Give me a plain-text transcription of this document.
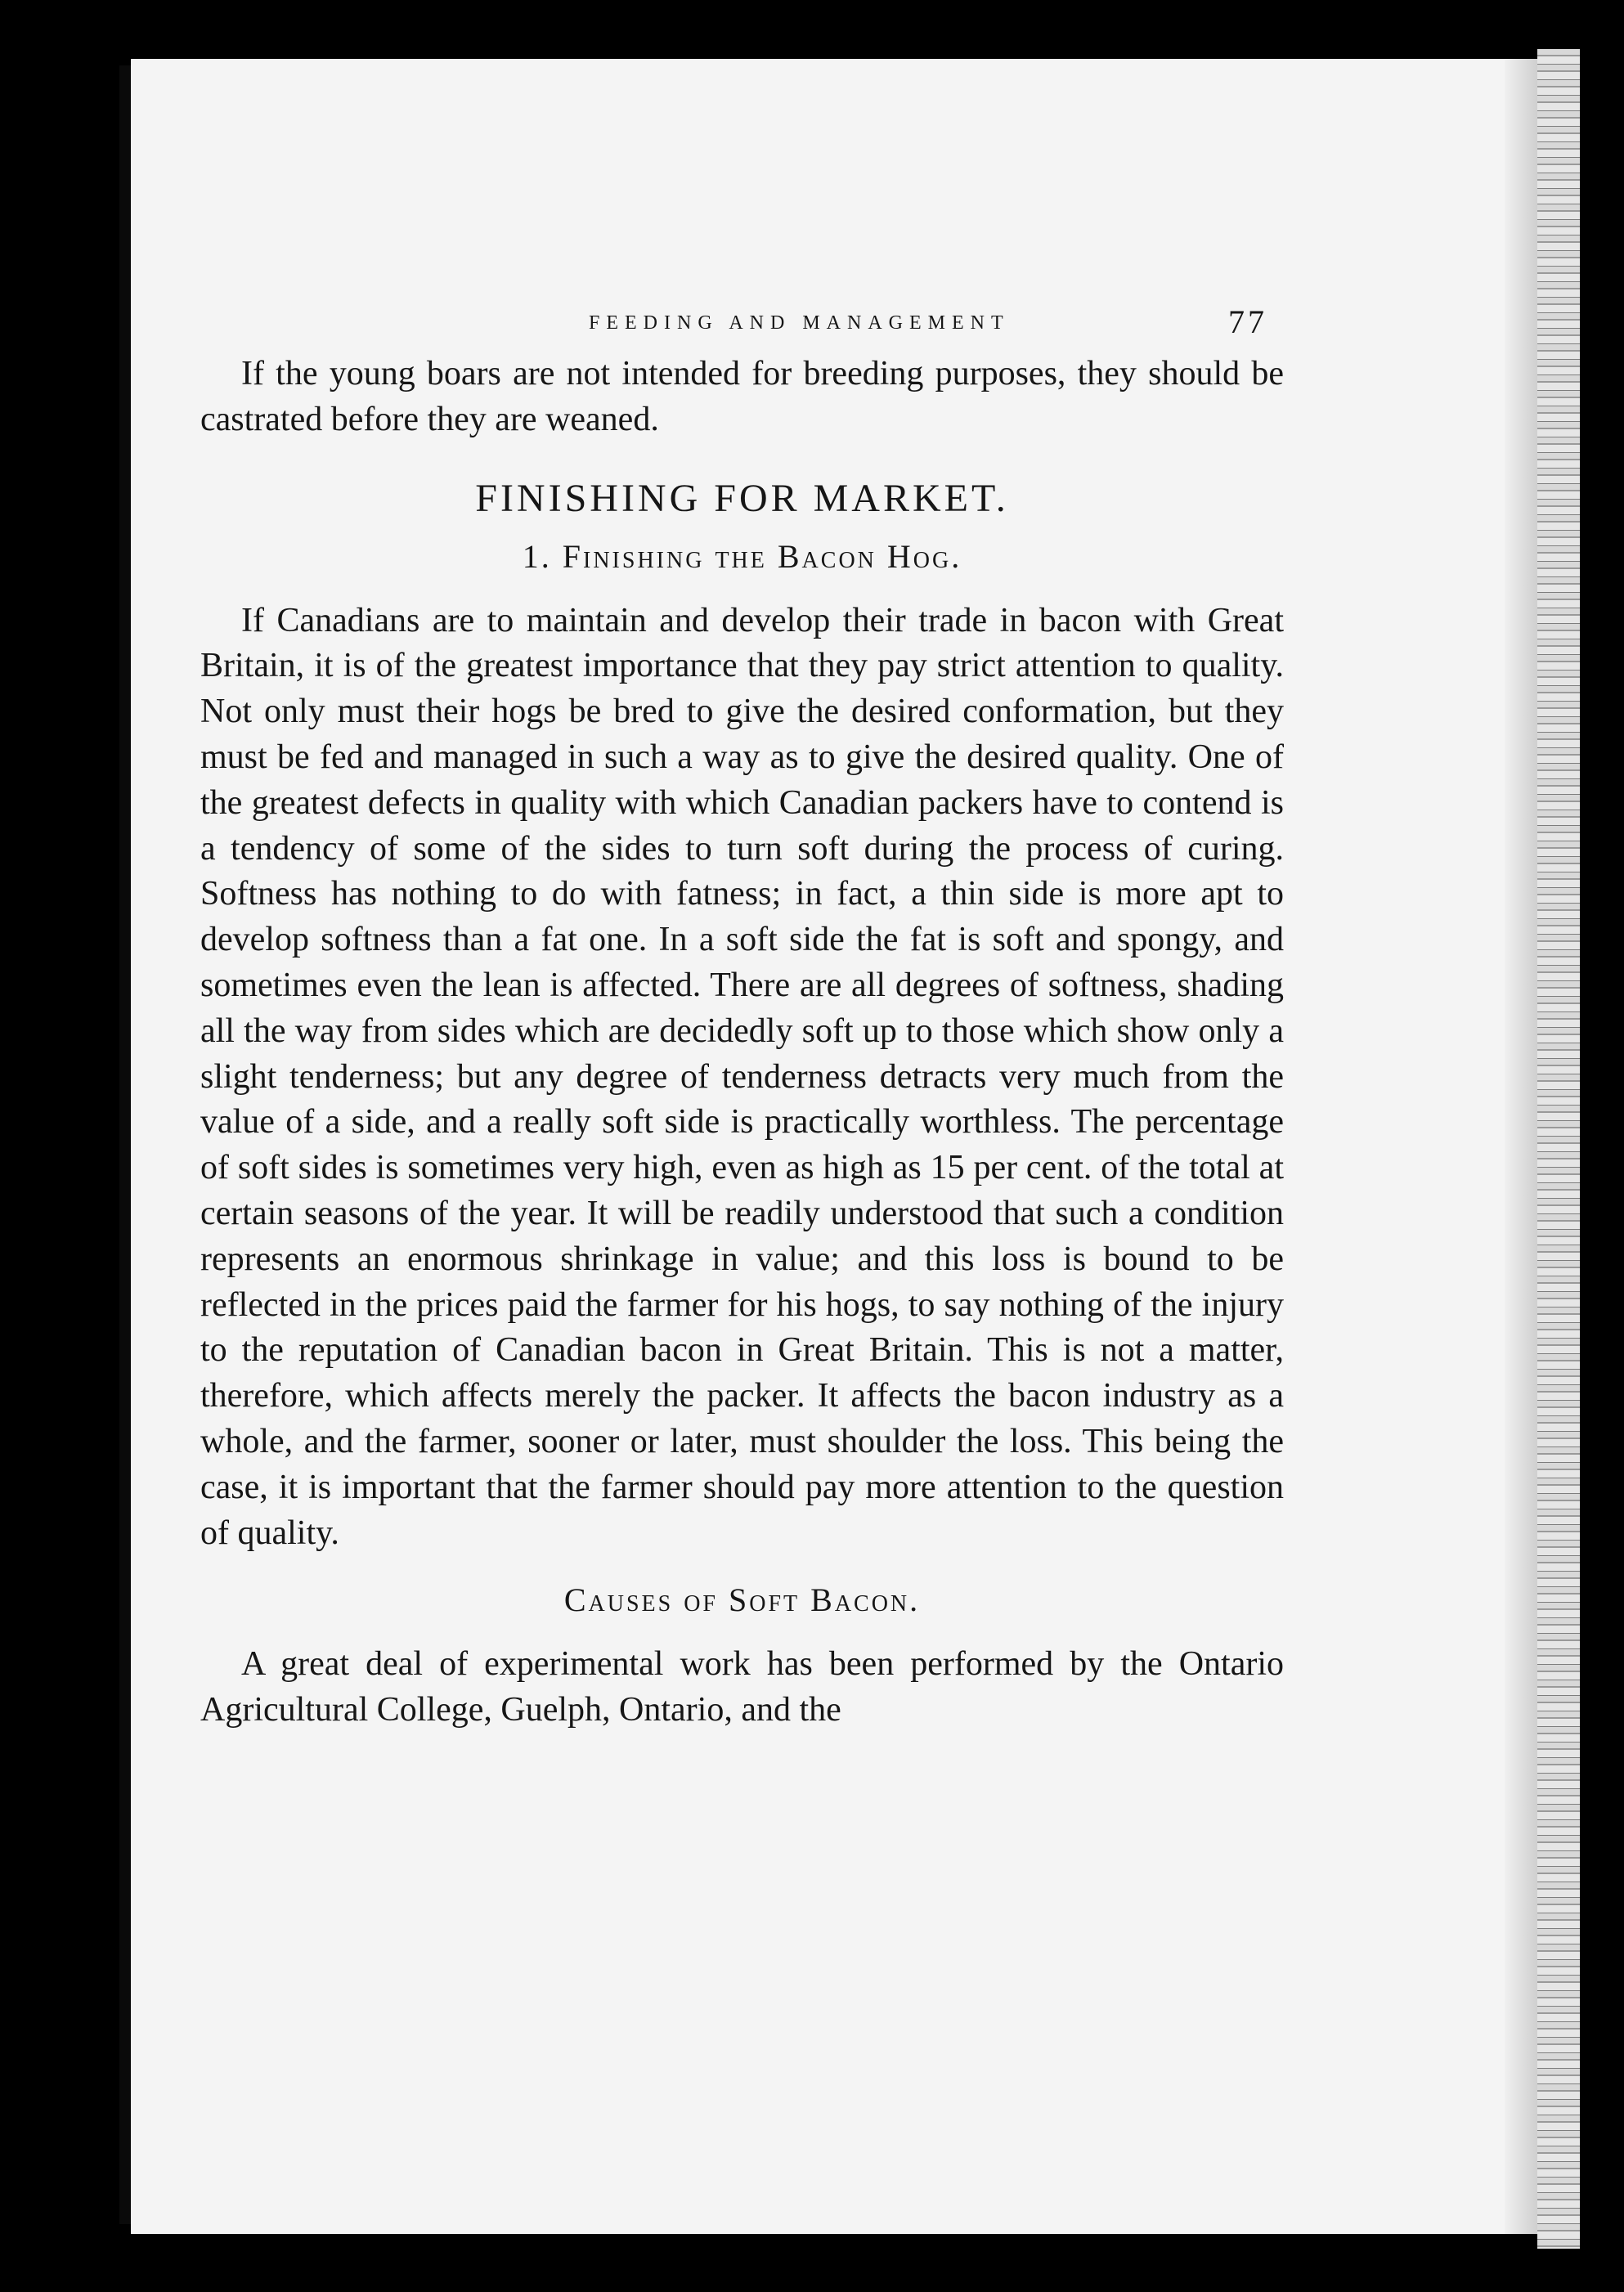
FEEDING AND MANAGEMENT	77

If the young boars are not intended for breeding purposes, they should be castrated before they are weaned.

FINISHING FOR MARKET.
1. Finishing the Bacon Hog.

If Canadians are to maintain and develop their trade in bacon with Great Britain, it is of the greatest importance that they pay strict attention to quality. Not only must their hogs be bred to give the desired conformation, but they must be fed and managed in such a way as to give the desired quality. One of the greatest defects in quality with which Canadian packers have to contend is a tendency of some of the sides to turn soft during the process of curing. Softness has nothing to do with fatness; in fact, a thin side is more apt to develop softness than a fat one. In a soft side the fat is soft and spongy, and sometimes even the lean is affected. There are all degrees of softness, shading all the way from sides which are decidedly soft up to those which show only a slight tenderness; but any degree of tenderness detracts very much from the value of a side, and a really soft side is practically worthless. The percentage of soft sides is sometimes very high, even as high as 15 per cent. of the total at certain seasons of the year. It will be readily understood that such a condition represents an enormous shrinkage in value; and this loss is bound to be reflected in the prices paid the farmer for his hogs, to say nothing of the injury to the reputation of Canadian bacon in Great Britain. This is not a matter, therefore, which affects merely the packer. It affects the bacon industry as a whole, and the farmer, sooner or later, must shoulder the loss. This being the case, it is important that the farmer should pay more attention to the question of quality.

Causes of Soft Bacon.

A great deal of experimental work has been performed by the Ontario Agricultural College, Guelph, Ontario, and the
